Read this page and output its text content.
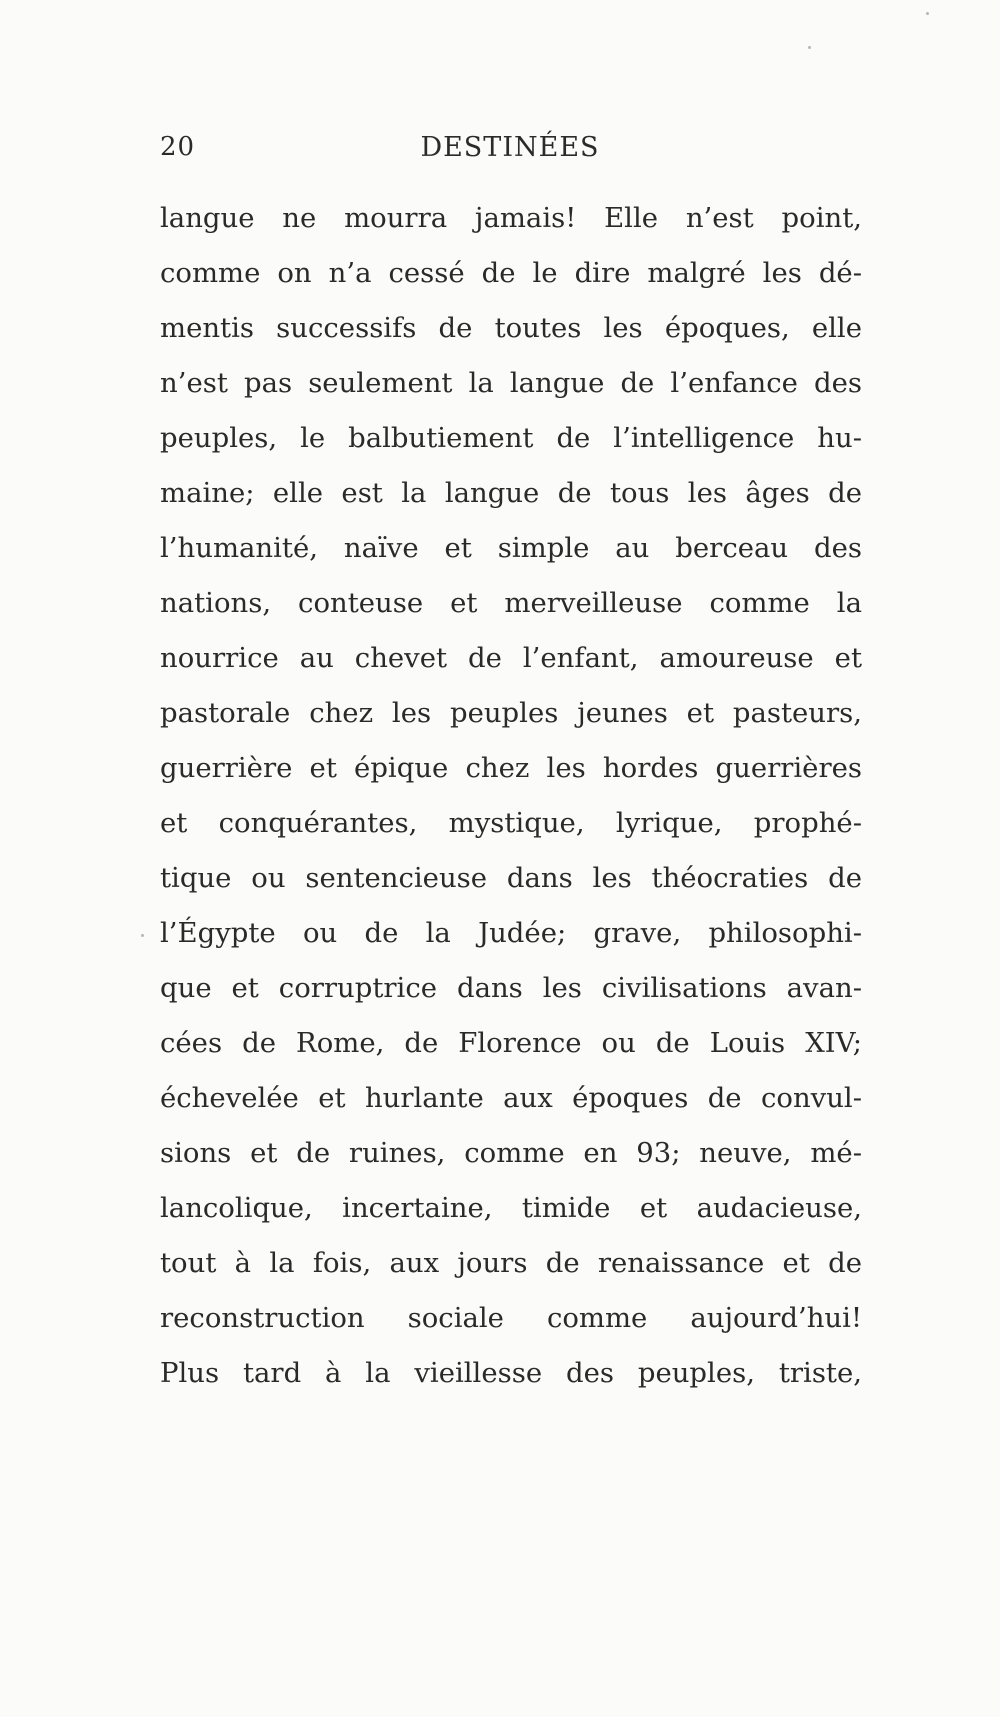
20	DESTINÉES
langue ne mourra jamais! Elle n’est point,
comme on n’a cessé de le dire malgré les dé-
mentis successifs de toutes les époques, elle
n’est pas seulement la langue de l’enfance des
peuples, le balbutiement de l’intelligence hu-
maine; elle est la langue de tous les âges de
l’humanité, naïve et simple au berceau des
nations, conteuse et merveilleuse comme la
nourrice au chevet de l’enfant, amoureuse et
pastorale chez les peuples jeunes et pasteurs,
guerrière et épique chez les hordes guerrières
et conquérantes, mystique, lyrique, prophé-
tique ou sentencieuse dans les théocraties de
l’Égypte ou de la Judée; grave, philosophi-
que et corruptrice dans les civilisations avan-
cées de Rome, de Florence ou de Louis XIV;
échevelée et hurlante aux époques de convul-
sions et de ruines, comme en 93; neuve, mé-
lancolique, incertaine, timide et audacieuse,
tout à la fois, aux jours de renaissance et de
reconstruction sociale comme aujourd’hui!
Plus tard à la vieillesse des peuples, triste,
